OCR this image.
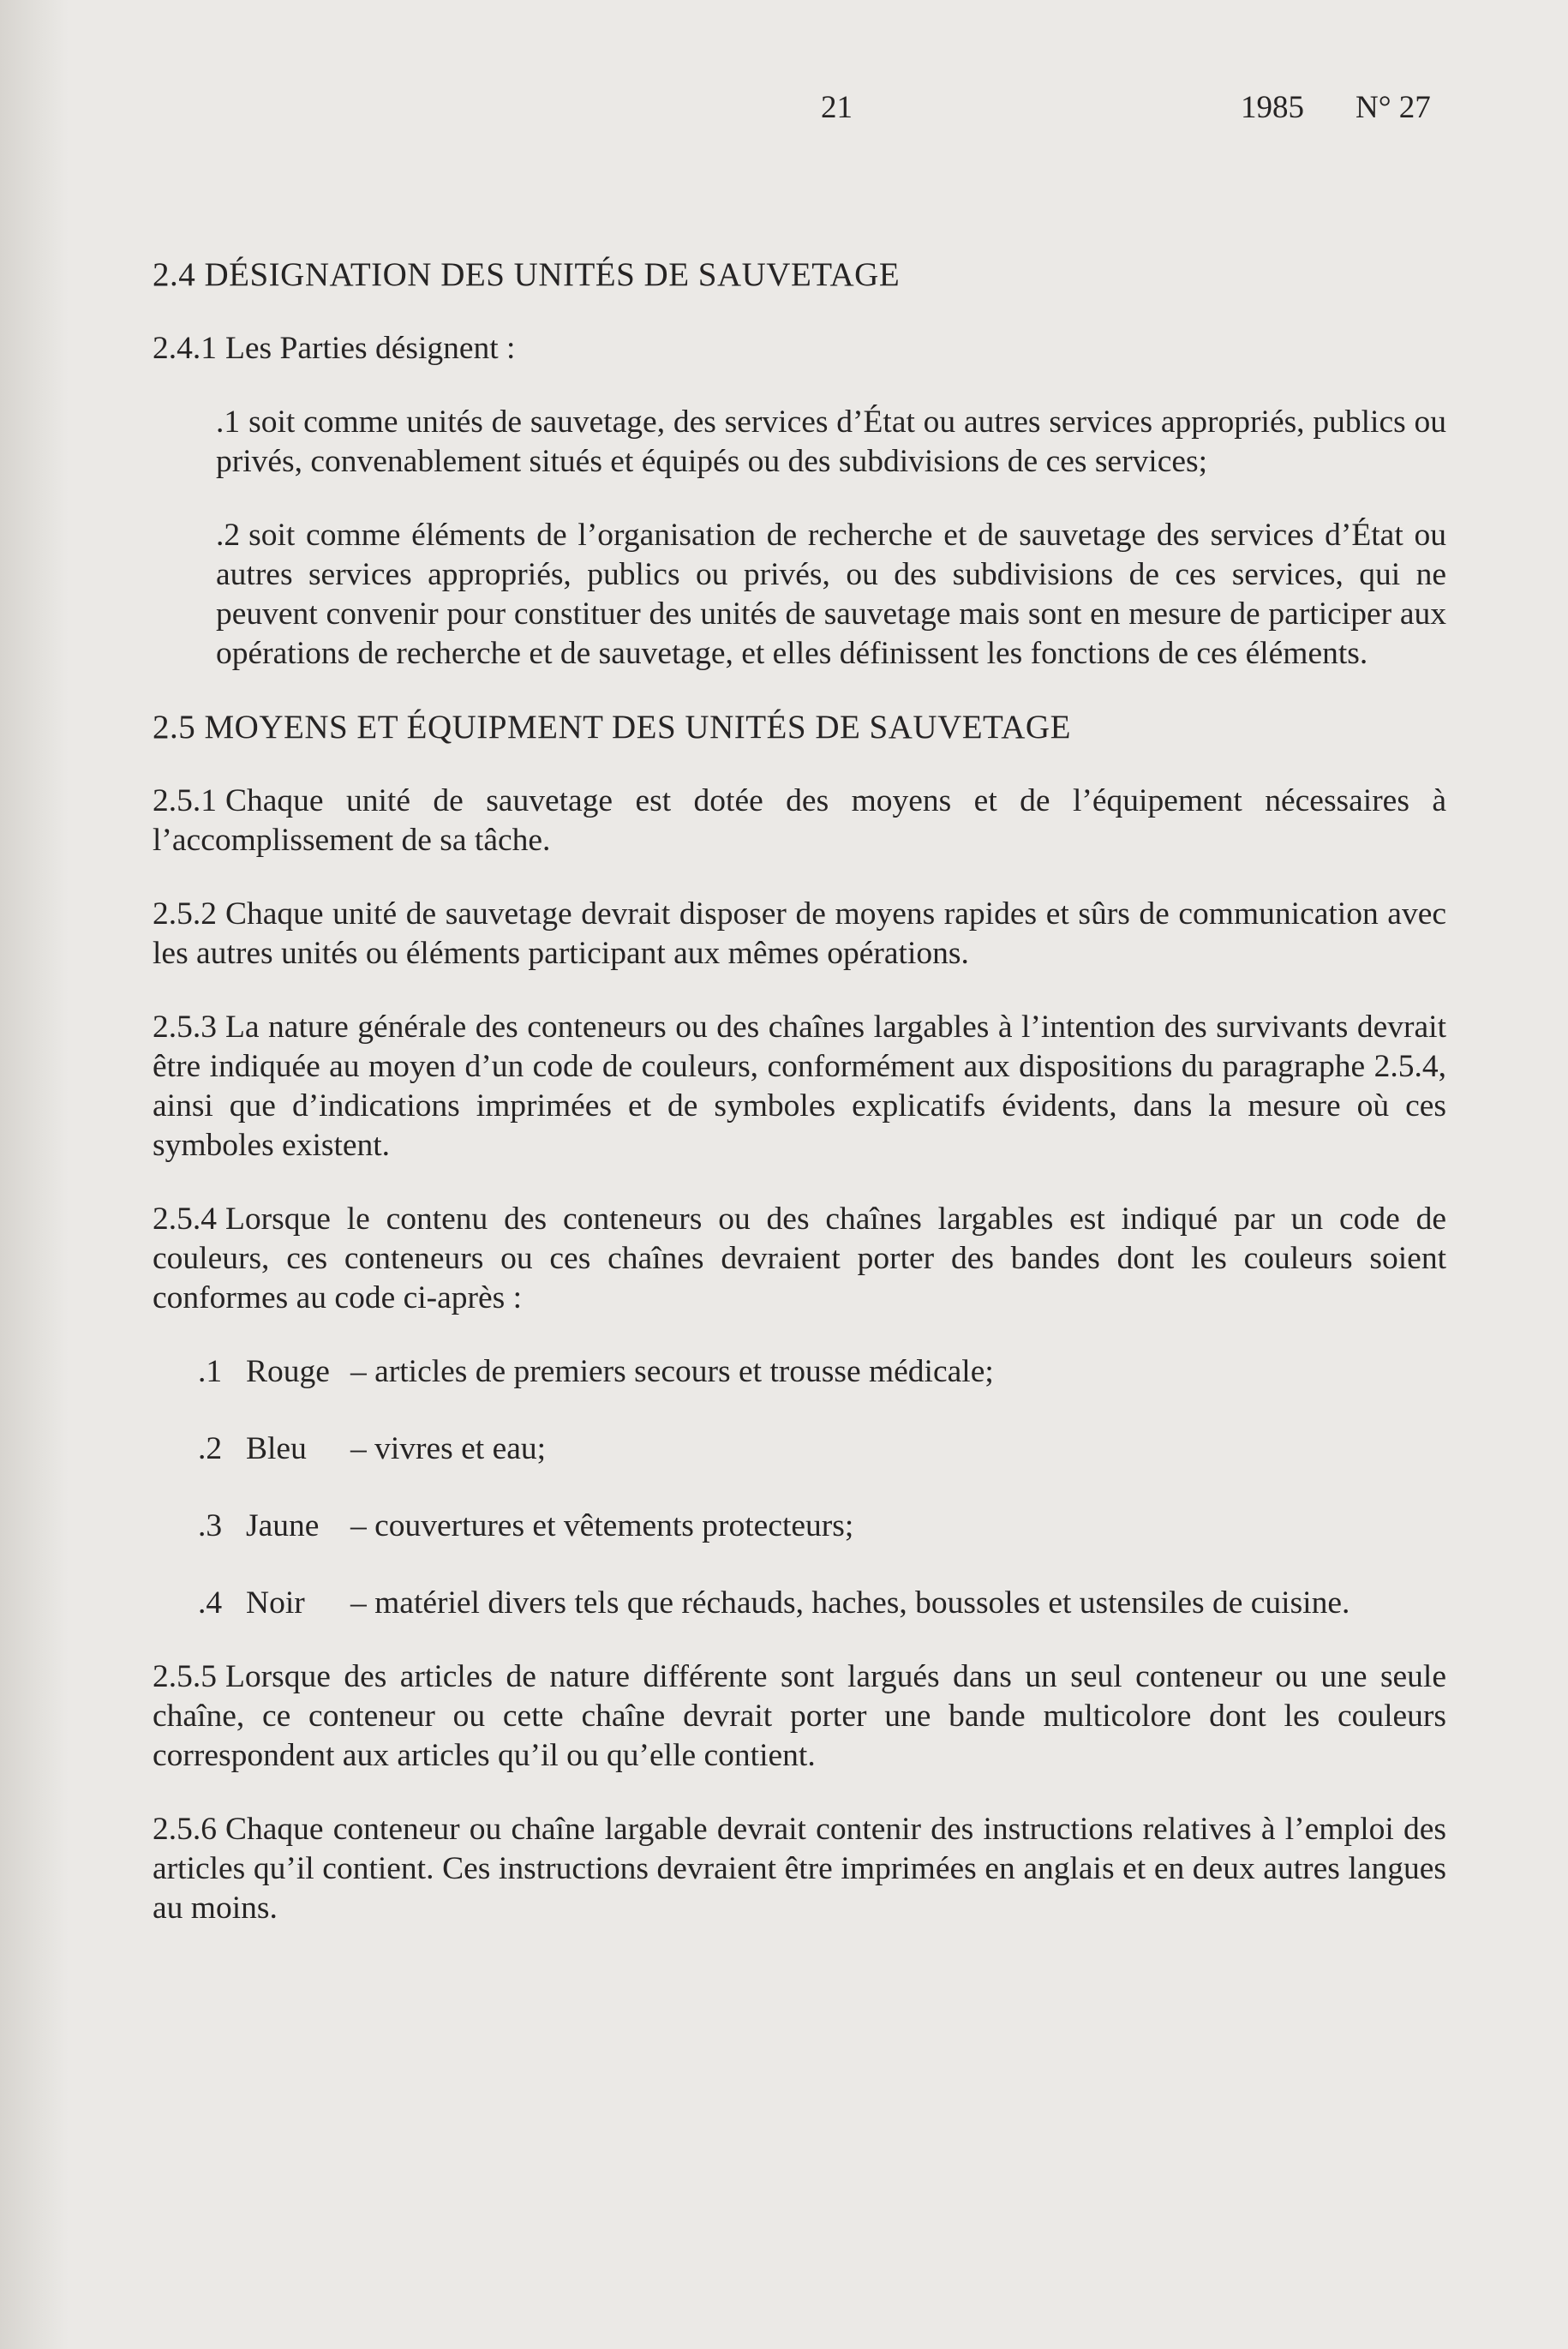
21	1985 N° 27
2.4 DÉSIGNATION DES UNITÉS DE SAUVETAGE
2.4.1 Les Parties désignent :
.1 soit comme unités de sauvetage, des services d’État ou autres services appropriés, publics ou privés, convenablement situés et équipés ou des subdivisions de ces services;
.2 soit comme éléments de l’organisation de recherche et de sauvetage des services d’État ou autres services appropriés, publics ou privés, ou des subdivisions de ces services, qui ne peuvent convenir pour constituer des unités de sauvetage mais sont en mesure de participer aux opérations de recherche et de sauvetage, et elles définissent les fonctions de ces éléments.
2.5 MOYENS ET ÉQUIPMENT DES UNITÉS DE SAUVETAGE
2.5.1 Chaque unité de sauvetage est dotée des moyens et de l’équipement nécessaires à l’accomplissement de sa tâche.
2.5.2 Chaque unité de sauvetage devrait disposer de moyens rapides et sûrs de communication avec les autres unités ou éléments participant aux mêmes opérations.
2.5.3 La nature générale des conteneurs ou des chaînes largables à l’intention des survivants devrait être indiquée au moyen d’un code de couleurs, conformément aux dispositions du paragraphe 2.5.4, ainsi que d’indications imprimées et de symboles explicatifs évidents, dans la mesure où ces symboles existent.
2.5.4 Lorsque le contenu des conteneurs ou des chaînes largables est indiqué par un code de couleurs, ces conteneurs ou ces chaînes devraient porter des bandes dont les couleurs soient conformes au code ci-après :
.1 Rouge – articles de premiers secours et trousse médicale;
.2 Bleu	– vivres et eau;
.3 Jaune – couvertures et vêtements protecteurs;
.4 Noir	– matériel divers tels que réchauds, haches, boussoles et ustensiles de cuisine.
2.5.5 Lorsque des articles de nature différente sont largués dans un seul conteneur ou une seule chaîne, ce conteneur ou cette chaîne devrait porter une bande multicolore dont les couleurs correspondent aux articles qu’il ou qu’elle contient.
2.5.6 Chaque conteneur ou chaîne largable devrait contenir des instructions relatives à l’emploi des articles qu’il contient. Ces instructions devraient être imprimées en anglais et en deux autres langues au moins.
